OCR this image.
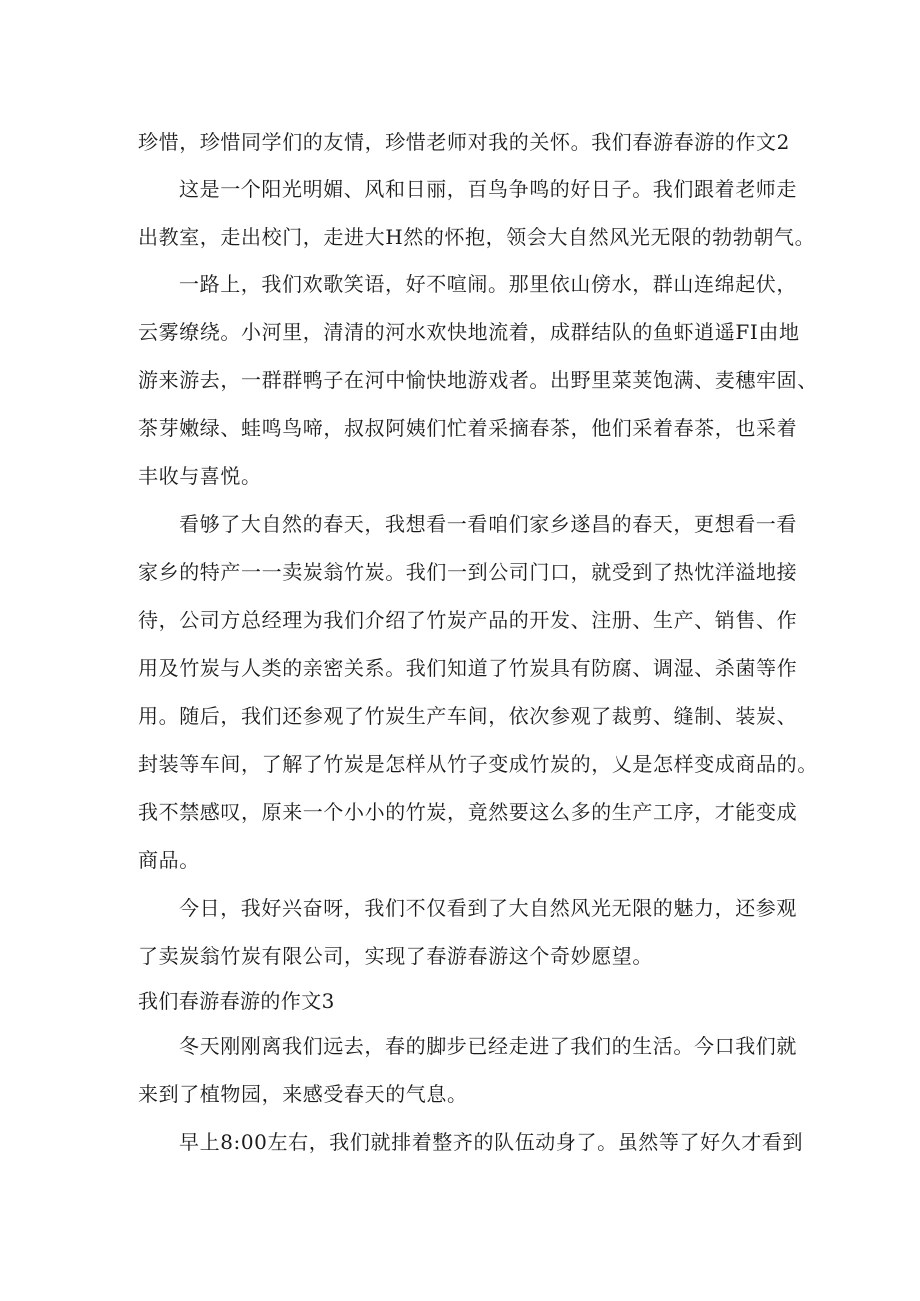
珍惜，珍惜同学们的友情，珍惜老师对我的关怀。我们春游春游的作文2
这是一个阳光明媚、风和日丽，百鸟争鸣的好日子。我们跟着老师走
出教室，走出校门，走进大H然的怀抱，领会大自然风光无限的勃勃朝气。
一路上，我们欢歌笑语，好不喧闹。那里依山傍水，群山连绵起伏，
云雾缭绕。小河里，清清的河水欢快地流着，成群结队的鱼虾逍遥FI由地
游来游去，一群群鸭子在河中愉快地游戏者。出野里菜荚饱满、麦穗牢固、
茶芽嫩绿、蛙鸣鸟啼，叔叔阿姨们忙着采摘春茶，他们采着春茶，也采着
丰收与喜悦。
看够了大自然的春天，我想看一看咱们家乡遂昌的春天，更想看一看
家乡的特产一一卖炭翁竹炭。我们一到公司门口，就受到了热忱洋溢地接
待，公司方总经理为我们介绍了竹炭产品的开发、注册、生产、销售、作
用及竹炭与人类的亲密关系。我们知道了竹炭具有防腐、调湿、杀菌等作
用。随后，我们还参观了竹炭生产车间，依次参观了裁剪、缝制、装炭、
封装等车间，了解了竹炭是怎样从竹子变成竹炭的，乂是怎样变成商品的。
我不禁感叹，原来一个小小的竹炭，竟然要这么多的生产工序，才能变成
商品。
今日，我好兴奋呀，我们不仅看到了大自然风光无限的魅力，还参观
了卖炭翁竹炭有限公司，实现了春游春游这个奇妙愿望。
我们春游春游的作文3
冬天刚刚离我们远去，春的脚步已经走进了我们的生活。今口我们就
来到了植物园，来感受春天的气息。
早上8:00左右，我们就排着整齐的队伍动身了。虽然等了好久才看到
